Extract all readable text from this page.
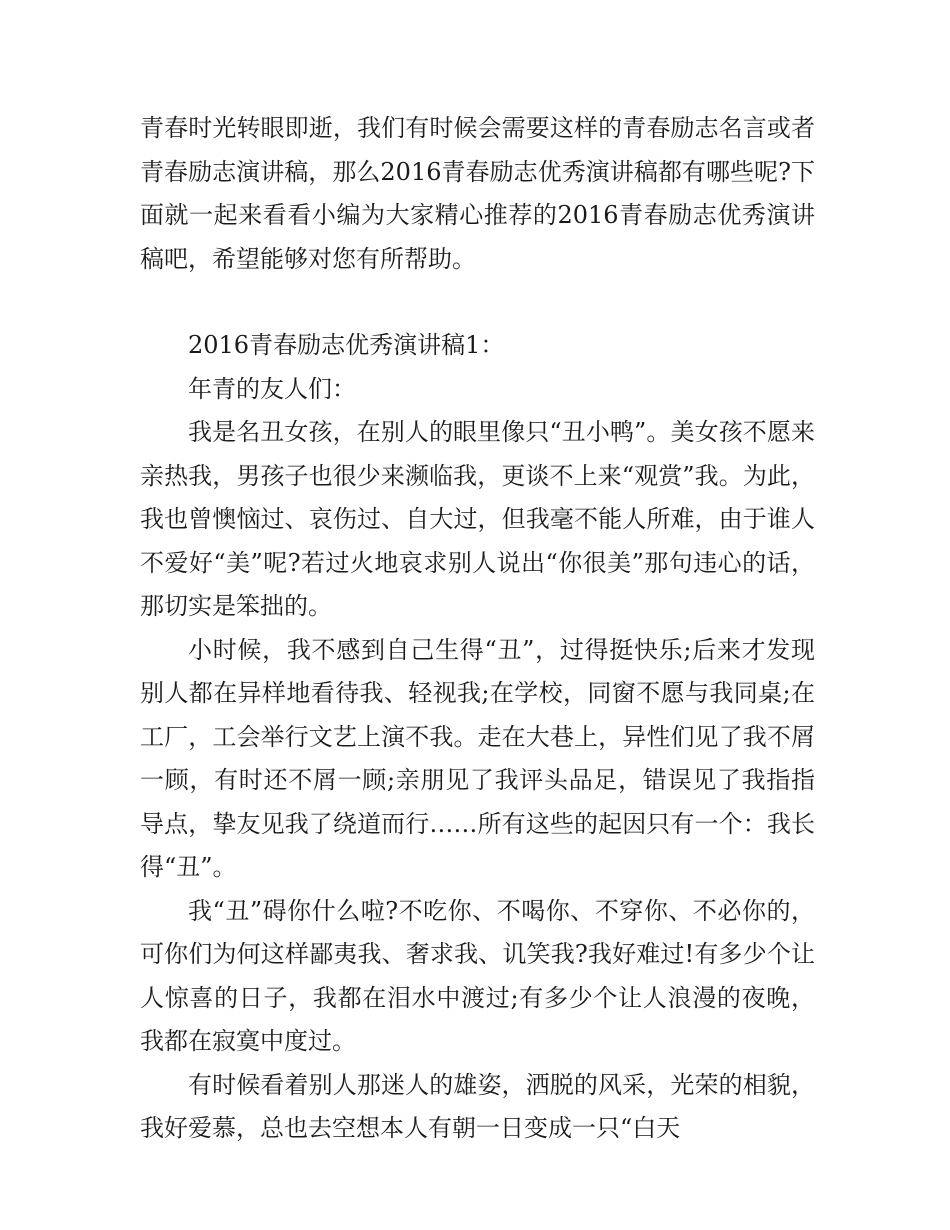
青春时光转眼即逝，我们有时候会需要这样的青春励志名言或者青春励志演讲稿，那么2016青春励志优秀演讲稿都有哪些呢?下面就一起来看看小编为大家精心推荐的2016青春励志优秀演讲稿吧，希望能够对您有所帮助。

2016青春励志优秀演讲稿1：

年青的友人们：

我是名丑女孩，在别人的眼里像只“丑小鸭”。美女孩不愿来亲热我，男孩子也很少来濒临我，更谈不上来“观赏”我。为此，我也曾懊恼过、哀伤过、自大过，但我毫不能人所难，由于谁人不爱好“美”呢?若过火地哀求别人说出“你很美”那句违心的话，那切实是笨拙的。

小时候，我不感到自己生得“丑”，过得挺快乐;后来才发现别人都在异样地看待我、轻视我;在学校，同窗不愿与我同桌;在工厂，工会举行文艺上演不我。走在大巷上，异性们见了我不屑一顾，有时还不屑一顾;亲朋见了我评头品足，错误见了我指指导点，挚友见我了绕道而行……所有这些的起因只有一个：我长得“丑”。

我“丑”碍你什么啦?不吃你、不喝你、不穿你、不必你的，可你们为何这样鄙夷我、奢求我、讥笑我?我好难过!有多少个让人惊喜的日子，我都在泪水中渡过;有多少个让人浪漫的夜晚，我都在寂寞中度过。

有时候看着别人那迷人的雄姿，洒脱的风采，光荣的相貌，我好爱慕，总也去空想本人有朝一日变成一只“白天
